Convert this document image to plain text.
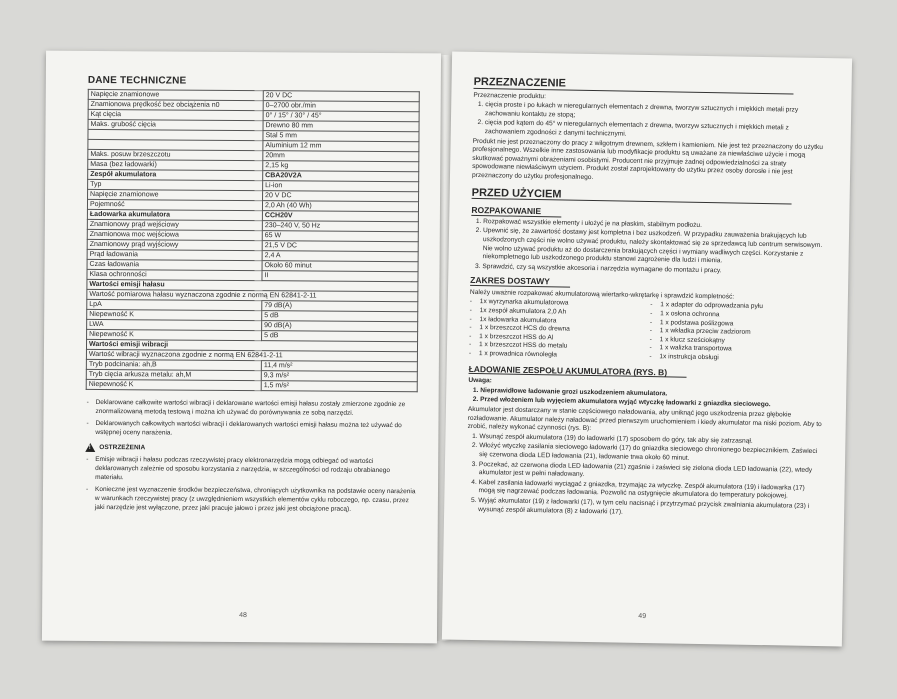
DANE TECHNICZNE
Napięcie znamionowe	20 V DC
Znamionowa prędkość bez obciążenia n0	0–2700 obr./min
Kąt cięcia	0° / 15° / 30° / 45°
Maks. grubość cięcia	Drewno 80 mm
	Stal 5 mm
	Aluminium 12 mm
Maks. posuw brzeszczotu	20mm
Masa (bez ładowarki)	2,15 kg
Zespół akumulatora	CBA20V2A
Typ	Li-ion
Napięcie znamionowe	20 V DC
Pojemność	2,0 Ah (40 Wh)
Ładowarka akumulatora	CCH20V
Znamionowy prąd wejściowy	230–240 V, 50 Hz
Znamionowa moc wejściowa	65 W
Znamionowy prąd wyjściowy	21,5 V DC
Prąd ładowania	2,4 A
Czas ładowania	Około 60 minut
Klasa ochronności	II
Wartości emisji hałasu	
Wartość pomiarowa hałasu wyznaczona zgodnie z normą EN 62841-2-11	
LpA	79 dB(A)
Niepewność K	5 dB
LWA	90 dB(A)
Niepewność K	5 dB
Wartości emisji wibracji	
Wartość wibracji wyznaczona zgodnie z normą EN 62841-2-11	
Tryb podcinania: ah,B	11,4 m/s²
Tryb cięcia arkusza metalu: ah,M	9,3 m/s²
Niepewność K	1,5 m/s²
- Deklarowane całkowite wartości wibracji i deklarowane wartości emisji hałasu zostały zmierzone zgodnie ze znormalizowaną metodą testową i można ich używać do porównywania ze sobą narzędzi.
- Deklarowanych całkowitych wartości wibracji i deklarowanych wartości emisji hałasu można też używać do wstępnej oceny narażenia.
! OSTRZEŻENIA
- Emisje wibracji i hałasu podczas rzeczywistej pracy elektronarzędzia mogą odbiegać od wartości deklarowanych zależnie od sposobu korzystania z narzędzia, w szczególności od rodzaju obrabianego materiału.
- Konieczne jest wyznaczenie środków bezpieczeństwa, chroniących użytkownika na podstawie oceny narażenia w warunkach rzeczywistej pracy (z uwzględnieniem wszystkich elementów cyklu roboczego, np. czasu, przez jaki narzędzie jest wyłączone, przez jaki pracuje jałowo i przez jaki jest obciążone pracą).
48
PRZEZNACZENIE

Przeznaczenie produktu:

1. cięcia proste i po łukach w nieregularnych elementach z drewna, tworzyw sztucznych i miękkich metali przy zachowaniu kontaktu ze stopą;
2. cięcia pod kątem do 45° w nieregularnych elementach z drewna, tworzyw sztucznych i miękkich metali z zachowaniem zgodności z danymi technicznymi.

Produkt nie jest przeznaczony do pracy z wilgotnym drewnem, szkłem i kamieniem. Nie jest też przeznaczony do użytku profesjonalnego. Wszelkie inne zastosowania lub modyfikacje produktu są uważane za niewłaściwe użycie i mogą skutkować poważnymi obrażeniami osobistymi. Producent nie przyjmuje żadnej odpowiedzialności za straty spowodowane niewłaściwym użyciem. Produkt został zaprojektowany do użytku przez osoby dorosłe i nie jest przeznaczony do użytku profesjonalnego.

PRZED UŻYCIEM
ROZPAKOWANIE
1. Rozpakować wszystkie elementy i ułożyć je na płaskim, stabilnym podłożu.
2. Upewnić się, że zawartość dostawy jest kompletna i bez uszkodzeń. W przypadku zauważenia brakujących lub uszkodzonych części nie wolno używać produktu, należy skontaktować się ze sprzedawcą lub centrum serwisowym. Nie wolno używać produktu aż do dostarczenia brakujących części i wymiany wadliwych części. Korzystanie z niekompletnego lub uszkodzonego produktu stanowi zagrożenie dla ludzi i mienia.
3. Sprawdzić, czy są wszystkie akcesoria i narzędzia wymagane do montażu i pracy.
ZAKRES DOSTAWY

Należy uważnie rozpakować akumulatorową wiertarko-wkrętarkę i sprawdzić kompletność:

- 1x wyrzynarka akumulatorowa	- 1 x adapter do odprowadzania pyłu
- 1x zespół akumulatora 2,0 Ah	- 1 x osłona ochronna
- 1x ładowarka akumulatora	- 1 x podstawa poślizgowa
- 1 x brzeszczot HCS do drewna	- 1 x wkładka przeciw zadziorom
- 1 x brzeszczot HSS do Al	- 1 x klucz sześciokątny
- 1 x brzeszczot HSS do metalu	- 1 x walizka transportowa
- 1 x prowadnica równoległa	- 1x instrukcja obsługi
ŁADOWANIE ZESPOŁU AKUMULATORA (RYS. B)

Uwaga:

1. Nieprawidłowe ładowanie grozi uszkodzeniem akumulatora.
2. Przed włożeniem lub wyjęciem akumulatora wyjąć wtyczkę ładowarki z gniazdka sieciowego.

Akumulator jest dostarczany w stanie częściowego naładowania, aby uniknąć jego uszkodzenia przez głębokie rozładowanie. Akumulator należy naładować przed pierwszym uruchomieniem i kiedy akumulator ma niski poziom. Aby to zrobić, należy wykonać czynności (rys. B):

1. Wsunąć zespół akumulatora (19) do ładowarki (17) sposobem do góry, tak aby się zatrzasnął.
2. Włożyć wtyczkę zasilania sieciowego ładowarki (17) do gniazdka sieciowego chronionego bezpiecznikiem. Zaświeci się czerwona dioda LED ładowania (21), ładowanie trwa około 60 minut.
3. Poczekać, aż czerwona dioda LED ładowania (21) zgaśnie i zaświeci się zielona dioda LED ładowania (22), wtedy akumulator jest w pełni naładowany.
4. Kabel zasilania ładowarki wyciągać z gniazdka, trzymając za wtyczkę. Zespół akumulatora (19) i ładowarka (17) mogą się nagrzewać podczas ładowania. Pozwolić na ostygnięcie akumulatora do temperatury pokojowej.
5. Wyjąć akumulator (19) z ładowarki (17), w tym celu nacisnąć i przytrzymać przycisk zwalniania akumulatora (23) i wysunąć zespół akumulatora (8) z ładowarki (17).
49
